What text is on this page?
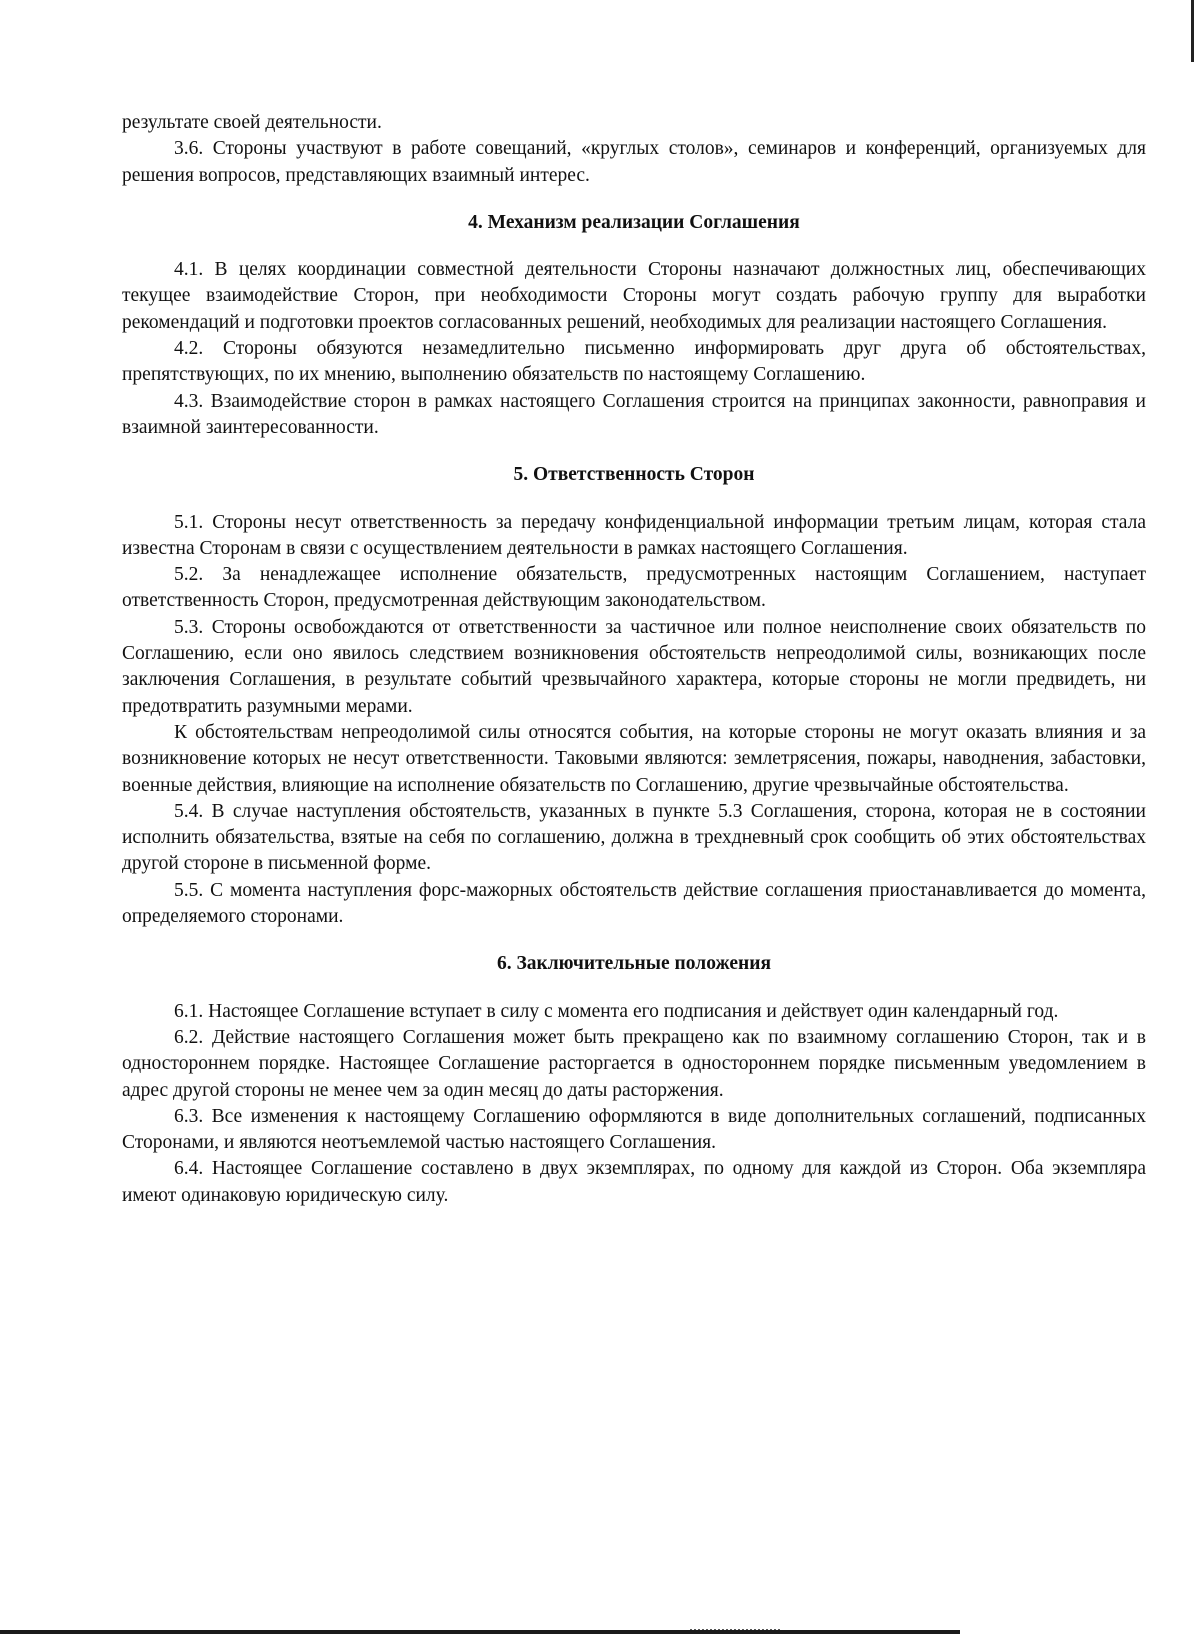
результате своей деятельности.

3.6. Стороны участвуют в работе совещаний, «круглых столов», семинаров и конференций, организуемых для решения вопросов, представляющих взаимный интерес.

4. Механизм реализации Соглашения

4.1. В целях координации совместной деятельности Стороны назначают должностных лиц, обеспечивающих текущее взаимодействие Сторон, при необходимости Стороны могут создать рабочую группу для выработки рекомендаций и подготовки проектов согласованных решений, необходимых для реализации настоящего Соглашения.

4.2. Стороны обязуются незамедлительно письменно информировать друг друга об обстоятельствах, препятствующих, по их мнению, выполнению обязательств по настоящему Соглашению.

4.3. Взаимодействие сторон в рамках настоящего Соглашения строится на принципах законности, равноправия и взаимной заинтересованности.

5. Ответственность Сторон

5.1. Стороны несут ответственность за передачу конфиденциальной информации третьим лицам, которая стала известна Сторонам в связи с осуществлением деятельности в рамках настоящего Соглашения.

5.2. За ненадлежащее исполнение обязательств, предусмотренных настоящим Соглашением, наступает ответственность Сторон, предусмотренная действующим законодательством.

5.3. Стороны освобождаются от ответственности за частичное или полное неисполнение своих обязательств по Соглашению, если оно явилось следствием возникновения обстоятельств непреодолимой силы, возникающих после заключения Соглашения, в результате событий чрезвычайного характера, которые стороны не могли предвидеть, ни предотвратить разумными мерами.

К обстоятельствам непреодолимой силы относятся события, на которые стороны не могут оказать влияния и за возникновение которых не несут ответственности. Таковыми являются: землетрясения, пожары, наводнения, забастовки, военные действия, влияющие на исполнение обязательств по Соглашению, другие чрезвычайные обстоятельства.

5.4. В случае наступления обстоятельств, указанных в пункте 5.3 Соглашения, сторона, которая не в состоянии исполнить обязательства, взятые на себя по соглашению, должна в трехдневный срок сообщить об этих обстоятельствах другой стороне в письменной форме.

5.5. С момента наступления форс-мажорных обстоятельств действие соглашения приостанавливается до момента, определяемого сторонами.

6. Заключительные положения

6.1. Настоящее Соглашение вступает в силу с момента его подписания и действует один календарный год.

6.2. Действие настоящего Соглашения может быть прекращено как по взаимному соглашению Сторон, так и в одностороннем порядке. Настоящее Соглашение расторгается в одностороннем порядке письменным уведомлением в адрес другой стороны не менее чем за один месяц до даты расторжения.

6.3. Все изменения к настоящему Соглашению оформляются в виде дополнительных соглашений, подписанных Сторонами, и являются неотъемлемой частью настоящего Соглашения.

6.4. Настоящее Соглашение составлено в двух экземплярах, по одному для каждой из Сторон. Оба экземпляра имеют одинаковую юридическую силу.
